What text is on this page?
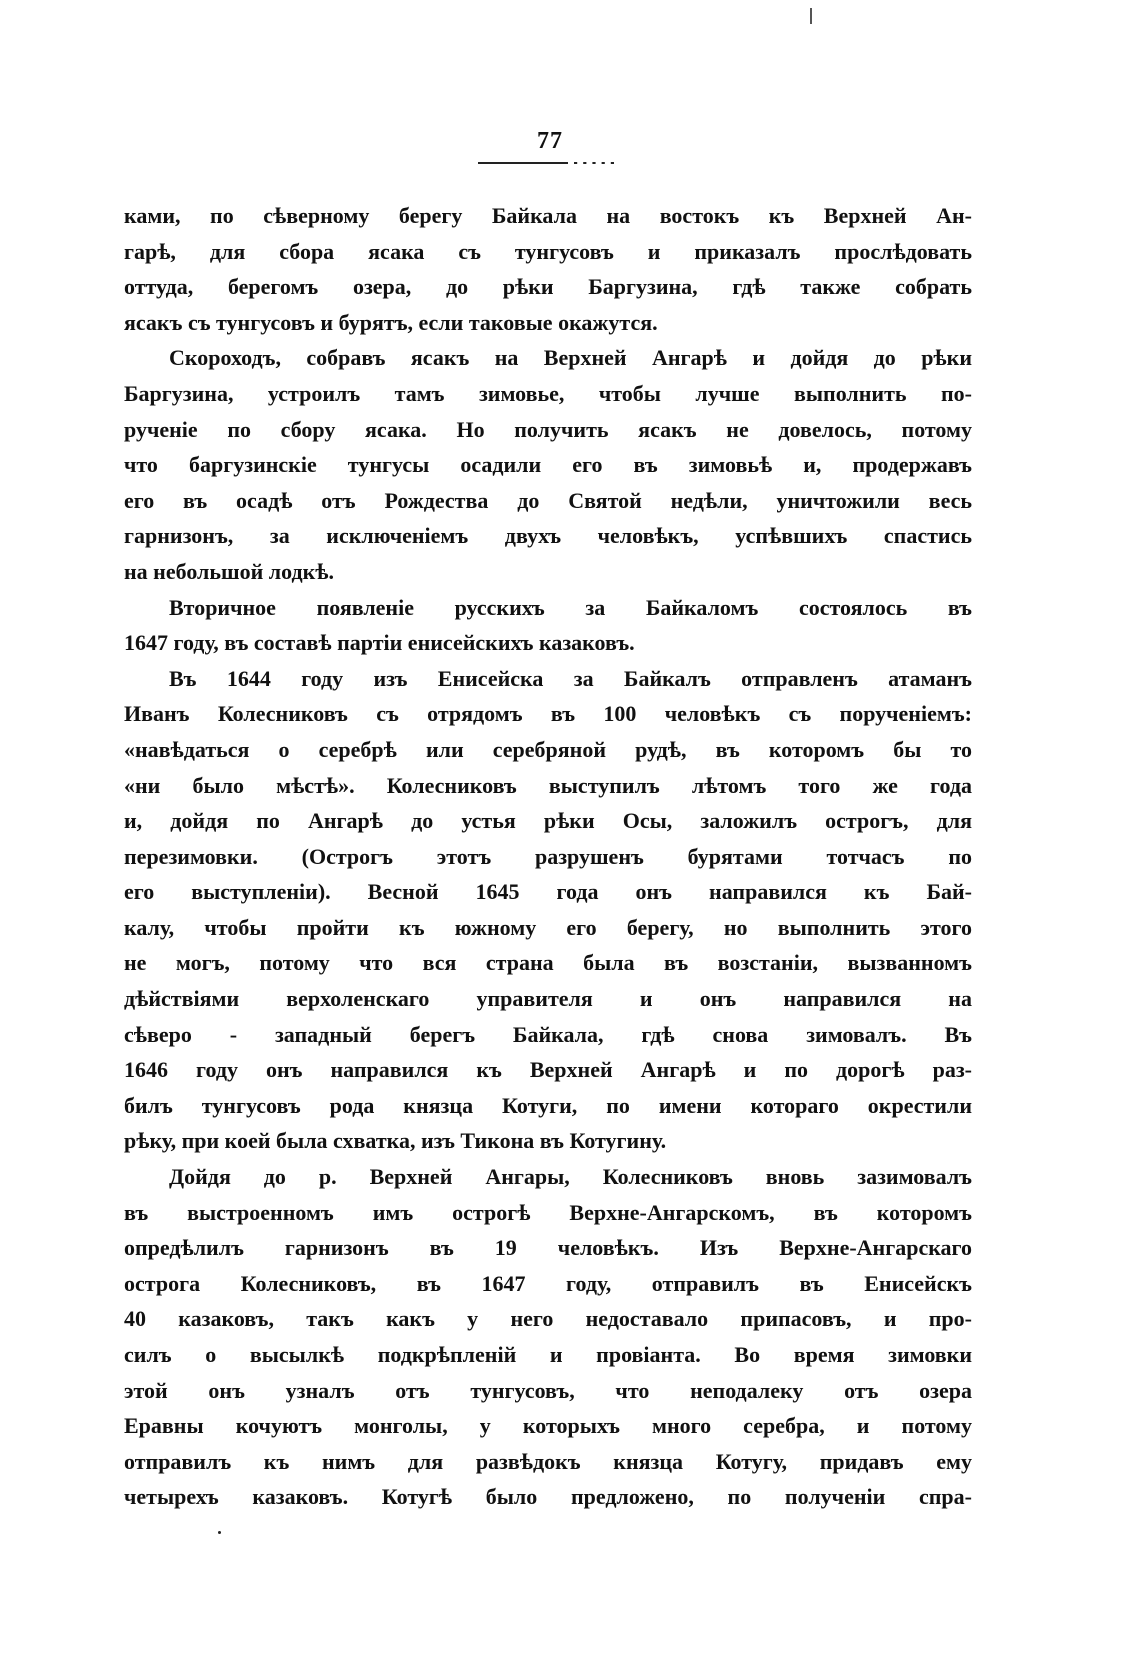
77
ками, по сѣверному берегу Байкала на востокъ къ Верхней Ан-
гарѣ, для сбора ясака съ тунгусовъ и приказалъ прослѣдовать
оттуда, берегомъ озера, до рѣки Баргузина, гдѣ также собрать
ясакъ съ тунгусовъ и бурятъ, если таковые окажутся.
Скороходъ, собравъ ясакъ на Верхней Ангарѣ и дойдя до рѣки
Баргузина, устроилъ тамъ зимовье, чтобы лучше выполнить по-
рученіе по сбору ясака. Но получить ясакъ не довелось, потому
что баргузинскіе тунгусы осадили его въ зимовьѣ и, продержавъ
его въ осадѣ отъ Рождества до Святой недѣли, уничтожили весь
гарнизонъ, за исключеніемъ двухъ человѣкъ, успѣвшихъ спастись
на небольшой лодкѣ.
Вторичное появленіе русскихъ за Байкаломъ состоялось въ
1647 году, въ составѣ партіи енисейскихъ казаковъ.
Въ 1644 году изъ Енисейска за Байкалъ отправленъ атаманъ
Иванъ Колесниковъ съ отрядомъ въ 100 человѣкъ съ порученіемъ:
«навѣдаться о серебрѣ или серебряной рудѣ, въ которомъ бы то
«ни было мѣстѣ». Колесниковъ выступилъ лѣтомъ того же года
и, дойдя по Ангарѣ до устья рѣки Осы, заложилъ острогъ, для
перезимовки. (Острогъ этотъ разрушенъ бурятами тотчасъ по
его выступленіи). Весной 1645 года онъ направился къ Бай-
калу, чтобы пройти къ южному его берегу, но выполнить этого
не могъ, потому что вся страна была въ возстаніи, вызванномъ
дѣйствіями верхоленскаго управителя и онъ направился на
сѣверо - западный берегъ Байкала, гдѣ снова зимовалъ. Въ
1646 году онъ направился къ Верхней Ангарѣ и по дорогѣ раз-
билъ тунгусовъ рода князца Котуги, по имени котораго окрестили
рѣку, при коей была схватка, изъ Тикона въ Котугину.
Дойдя до р. Верхней Ангары, Колесниковъ вновь зазимовалъ
въ выстроенномъ имъ острогѣ Верхне-Ангарскомъ, въ которомъ
опредѣлилъ гарнизонъ въ 19 человѣкъ. Изъ Верхне-Ангарскаго
острога Колесниковъ, въ 1647 году, отправилъ въ Енисейскъ
40 казаковъ, такъ какъ у него недоставало припасовъ, и про-
силъ о высылкѣ подкрѣпленій и провіанта. Во время зимовки
этой онъ узналъ отъ тунгусовъ, что неподалеку отъ озера
Еравны кочуютъ монголы, у которыхъ много серебра, и потому
отправилъ къ нимъ для развѣдокъ князца Котугу, придавъ ему
четырехъ казаковъ. Котугѣ было предложено, по полученіи спра-
